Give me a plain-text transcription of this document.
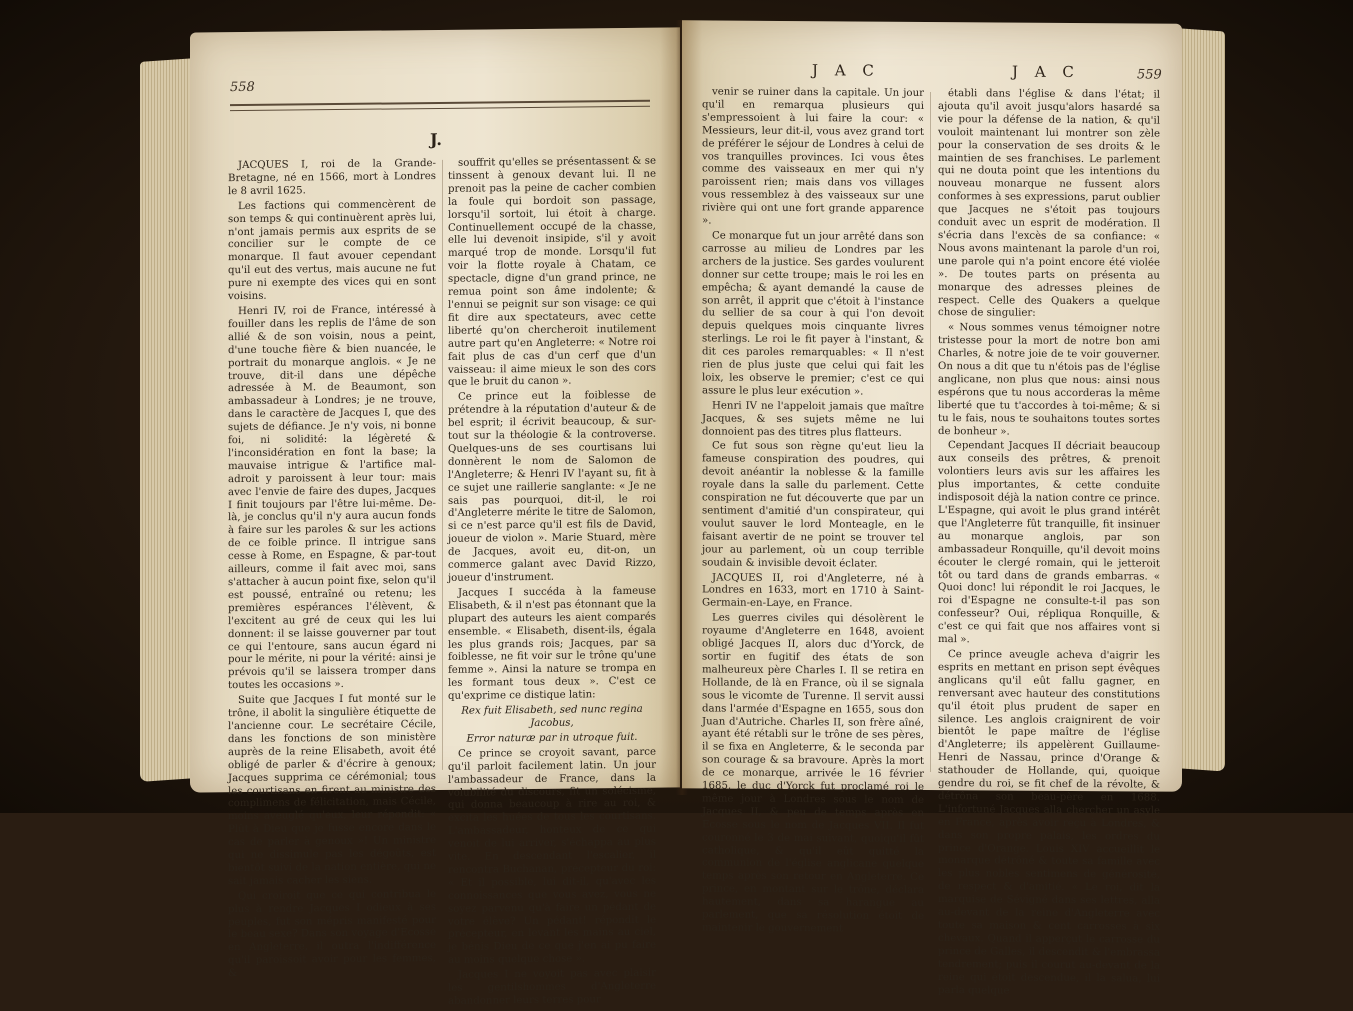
558
J.

JACQUES I, roi de la Grande-Bretagne, né en 1566, mort à Londres le 8 avril 1625.

Les factions qui commencèrent de son temps & qui continuèrent après lui, n'ont jamais permis aux esprits de se concilier sur le compte de ce monarque. Il faut avouer cependant qu'il eut des vertus, mais aucune ne fut pure ni exempte des vices qui en sont voisins.

Henri IV, roi de France, intéressé à fouiller dans les replis de l'âme de son allié & de son voisin, nous a peint, d'une touche fière & bien nuancée, le portrait du monarque anglois. « Je ne trouve, dit-il dans une dépêche adressée à M. de Beaumont, son ambassadeur à Londres; je ne trouve, dans le caractère de Jacques I, que des sujets de défiance. Je n'y vois, ni bonne foi, ni solidité: la légèreté & l'inconsidération en font la base; la mauvaise intrigue & l'artifice mal-adroit y paroissent à leur tour: mais avec l'envie de faire des dupes, Jacques I finit toujours par l'être lui-même. De-là, je conclus qu'il n'y aura aucun fonds à faire sur les paroles & sur les actions de ce foible prince. Il intrigue sans cesse à Rome, en Espagne, & par-tout ailleurs, comme il fait avec moi, sans s'attacher à aucun point fixe, selon qu'il est poussé, entraîné ou retenu; les premières espérances l'élèvent, & l'excitent au gré de ceux qui les lui donnent: il se laisse gouverner par tout ce qui l'entoure, sans aucun égard ni pour le mérite, ni pour la vérité: ainsi je prévois qu'il se laissera tromper dans toutes les occasions ».

Suite que Jacques I fut monté sur le trône, il abolit la singulière étiquette de l'ancienne cour. Le secrétaire Cécile, dans les fonctions de son ministère auprès de la reine Elisabeth, avoit été obligé de parler & d'écrire à genoux; Jacques supprima ce cérémonial; tous les courtisans en firent au ministre des complimens de félicitation, mais Cécile, moins aveuglé qu'eux, leur répondit: « Plût à Dieu que je fusse encore dans le cas de parler à genoux »! Un ministre qui ne dissimule pas les dégoûts, est bientôt suivi de la nation entière, qui ne sait jamais cacher les siens.

Qui croiroit que ce qui contribua le plus à rendre Jacques I odieux à ses peuples, fut son mépris manifesté pour le beau sexe? Dans son voyage d'Ecosse en Angleterre, il outra l'indifférence qu'il paroissoit avoir pour les femmes, &

souffrit qu'elles se présentassent & se tinssent à genoux devant lui. Il ne prenoit pas la peine de cacher combien la foule qui bordoit son passage, lorsqu'il sortoit, lui étoit à charge. Continuellement occupé de la chasse, elle lui devenoit insipide, s'il y avoit marqué trop de monde. Lorsqu'il fut voir la flotte royale à Chatam, ce spectacle, digne d'un grand prince, ne remua point son âme indolente; & l'ennui se peignit sur son visage: ce qui fit dire aux spectateurs, avec cette liberté qu'on chercheroit inutilement autre part qu'en Angleterre: « Notre roi fait plus de cas d'un cerf que d'un vaisseau: il aime mieux le son des cors que le bruit du canon ».

Ce prince eut la foiblesse de prétendre à la réputation d'auteur & de bel esprit; il écrivit beaucoup, & sur-tout sur la théologie & la controverse. Quelques-uns de ses courtisans lui donnèrent le nom de Salomon de l'Angleterre; & Henri IV l'ayant su, fit à ce sujet une raillerie sanglante: « Je ne sais pas pourquoi, dit-il, le roi d'Angleterre mérite le titre de Salomon, si ce n'est parce qu'il est fils de David, joueur de violon ». Marie Stuard, mère de Jacques, avoit eu, dit-on, un commerce galant avec David Rizzo, joueur d'instrument.

Jacques I succéda à la fameuse Elisabeth, & il n'est pas étonnant que la plupart des auteurs les aient comparés ensemble. « Elisabeth, disent-ils, égala les plus grands rois; Jacques, par sa foiblesse, ne fit voir sur le trône qu'une femme ». Ainsi la nature se trompa en les formant tous deux ». C'est ce qu'exprime ce distique latin:

Rex fuit Elisabeth, sed nunc regina Jacobus,

Error naturæ par in utroque fuit.

Ce prince se croyoit savant, parce qu'il parloit facilement latin. Un jour l'ambassadeur de France, dans la volubilité du discours, fit un solécisme, qui donna beaucoup à rire au roi, & excita les huées de tous les courtisans. L'ambassadeur, honteux de ce qui venoit de lui arriver, s'échappa au plus vite. En descendant l'escalier, il rencontra Buchanan, précepteur du roi: « Et il possible, lui dit-il, qu'avec les connoissances que vous avez, vous ne soyez parvenu qu'à faire un pédant de votre élève? Un pédant! répondit le précepteur, en levant les mains au ciel, je bénis Dieu de ce que j'en ai pu faire au moins quelque chose ».

Jacques I ne voyoit pas avec plaisir les gentilshommes d'Angleterre abandonner leurs terres pour

J A C	J A C	559

venir se ruiner dans la capitale. Un jour qu'il en remarqua plusieurs qui s'empressoient à lui faire la cour: « Messieurs, leur dit-il, vous avez grand tort de préférer le séjour de Londres à celui de vos tranquilles provinces. Ici vous êtes comme des vaisseaux en mer qui n'y paroissent rien; mais dans vos villages vous ressemblez à des vaisseaux sur une rivière qui ont une fort grande apparence ».

Ce monarque fut un jour arrêté dans son carrosse au milieu de Londres par les archers de la justice. Ses gardes voulurent donner sur cette troupe; mais le roi les en empêcha; & ayant demandé la cause de son arrêt, il apprit que c'étoit à l'instance du sellier de sa cour à qui l'on devoit depuis quelques mois cinquante livres sterlings. Le roi le fit payer à l'instant, & dit ces paroles remarquables: « Il n'est rien de plus juste que celui qui fait les loix, les observe le premier; c'est ce qui assure le plus leur exécution ».

Henri IV ne l'appeloit jamais que maître Jacques, & ses sujets même ne lui donnoient pas des titres plus flatteurs.

Ce fut sous son règne qu'eut lieu la fameuse conspiration des poudres, qui devoit anéantir la noblesse & la famille royale dans la salle du parlement. Cette conspiration ne fut découverte que par un sentiment d'amitié d'un conspirateur, qui voulut sauver le lord Monteagle, en le faisant avertir de ne point se trouver tel jour au parlement, où un coup terrible soudain & invisible devoit éclater.

JACQUES II, roi d'Angleterre, né à Londres en 1633, mort en 1710 à Saint-Germain-en-Laye, en France.

Les guerres civiles qui désolèrent le royaume d'Angleterre en 1648, avoient obligé Jacques II, alors duc d'Yorck, de sortir en fugitif des états de son malheureux père Charles I. Il se retira en Hollande, de là en France, où il se signala sous le vicomte de Turenne. Il servit aussi dans l'armée d'Espagne en 1655, sous don Juan d'Autriche. Charles II, son frère aîné, ayant été rétabli sur le trône de ses pères, il se fixa en Angleterre, & le seconda par son courage & sa bravoure. Après la mort de ce monarque, arrivée le 16 février 1685, le duc d'Yorck fut proclamé roi le même jour à Londres sous le nom de Jacques II, & peu de temps après en Ecosse sous le nom de Jacques VII. Il fut couronné le 3 de mai suivant, quoiqu'il fût catholique, & qu'il eût quitté la communion de l'église anglicane quelque temps après son retour en Angleterre. Ce prince, en montant sur le trône, déclara hautement, dans sa harangue au parlement, que sa résolution étoit de maintenir le gouvernement

établi dans l'église & dans l'état; il ajouta qu'il avoit jusqu'alors hasardé sa vie pour la défense de la nation, & qu'il vouloit maintenant lui montrer son zèle pour la conservation de ses droits & le maintien de ses franchises. Le parlement qui ne douta point que les intentions du nouveau monarque ne fussent alors conformes à ses expressions, parut oublier que Jacques ne s'étoit pas toujours conduit avec un esprit de modération. Il s'écria dans l'excès de sa confiance: « Nous avons maintenant la parole d'un roi, une parole qui n'a point encore été violée ». De toutes parts on présenta au monarque des adresses pleines de respect. Celle des Quakers a quelque chose de singulier:

« Nous sommes venus témoigner notre tristesse pour la mort de notre bon ami Charles, & notre joie de te voir gouverner. On nous a dit que tu n'étois pas de l'église anglicane, non plus que nous: ainsi nous espérons que tu nous accorderas la même liberté que tu t'accordes à toi-même; & si tu le fais, nous te souhaitons toutes sortes de bonheur ».

Cependant Jacques II décriait beaucoup aux conseils des prêtres, & prenoit volontiers leurs avis sur les affaires les plus importantes, & cette conduite indisposoit déjà la nation contre ce prince. L'Espagne, qui avoit le plus grand intérêt que l'Angleterre fût tranquille, fit insinuer au monarque anglois, par son ambassadeur Ronquille, qu'il devoit moins écouter le clergé romain, qui le jetteroit tôt ou tard dans de grands embarras. « Quoi donc! lui répondit le roi Jacques, le roi d'Espagne ne consulte-t-il pas son confesseur? Oui, répliqua Ronquille, & c'est ce qui fait que nos affaires vont si mal ».

Ce prince aveugle acheva d'aigrir les esprits en mettant en prison sept évêques anglicans qu'il eût fallu gagner, en renversant avec hauteur des constitutions qu'il étoit plus prudent de saper en silence. Les anglois craignirent de voir bientôt le pape maître de l'église d'Angleterre; ils appelèrent Guillaume-Henri de Nassau, prince d'Orange & stathouder de Hollande, qui, quoique gendre du roi, se fit chef de la révolte, & détrôna son beau-père en 1688. L'infortuné Jacques alla chercher un asyle en France, après avoir reçu à Londres, & dans son propre palais, les ordres du prince d'Orange. Louis XIV accueillit le monarque détrôné & toute sa famille avec les plus nobles sentimens de générosité, de respect & d'amitié. « Le roi, dit la marquise de Sévigné dans ses lettres, alla au-devant de la reine d'Angleterre avec toute sa maison & cent carrosses à six chevaux. Quand il apperçut le carrosse du prince de Galles, il descendit & l'embrassa tendrement; puis il courut au-devant de la reine qui étoit descendue, il la salua, lui parla quelque
